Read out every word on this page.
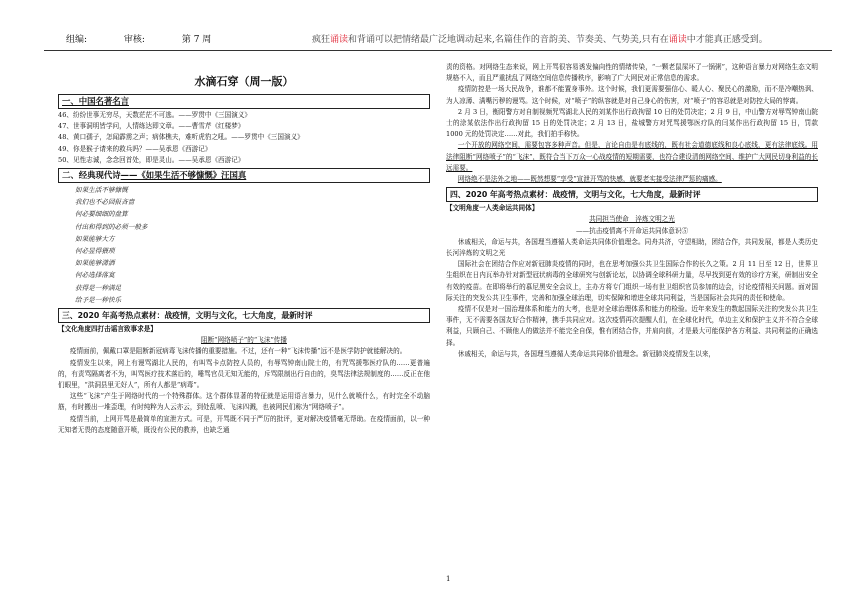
组编:	审核:	第 7 周	疯狂诵读和背诵可以把情绪最广泛地调动起来,名篇佳作的音韵美、节奏美、气势美,只有在诵读中才能真正感受到。
水滴石穿（周一版）
一、中国名著名言
46、纷纷世事无穷尽，天数茫茫不可逃。——罗贯中《三国演义》
47、世事洞明皆学问，人情练达即文章。——曹雪芹《红楼梦》
48、黄口孺子，怎闻霹雳之声；病体樵夫，难听虎豹之吼。——罗贯中《三国演义》
49、你是猴子请来的救兵吗？——吴承恩《西游记》
50、见性志诚，念念回首处，即是灵山。——吴承恩《西游记》
二、经典现代诗——《如果生活不够慷慨》汪国真
如果生活不够慷慨
我们也不必回报吝啬
何必要细细的盘算
付出和得到的必须一般多
如果能够大方
何必显得猥琐
如果能够潇洒
何必选择落寞
获得是一种满足
给予是一种快乐
三、2020 年高考热点素材：战疫情，文明与文化，七大角度，最新时评
【文化角度四打击谣言致事求是】
阻断“网络喷子”的“飞沫”传播

疫情面前，佩戴口罩是阻断新冠病毒飞沫传播的重要措施。不过，还有一种“飞沫传播”远不是医学防护就能解决的。

疫情发生以来，网上有谩骂湖北人民的，有叫骂卡点防控人员的，有辱骂钟南山院士的，有咒骂援鄂医疗队的……更普遍的，有责骂隔离者不为，叫骂医疗技术落后的，唾骂官员无知无能的，斥骂限制出行自由的，臭骂法律法规制度的……反正在他们眼里，“洪洞县里无好人”，所有人都是“病毒”。

这些“飞沫”产生于网络时代的一个特殊群体。这个群体显著的特征就是运用语言暴力，见什么就喷什么，有时完全不动脑筋，有时搬出一堆歪理，有时纯粹为人云亦云，到处乱喷、飞沫四溅，也被网民们称为“网络喷子”。

疫情当前，上网开骂是最简单的宣泄方式。可是，开骂既不同于严厉的批评，更对解决疫情毫无帮助。在疫情面前，以一种无知者无畏的态度随意开喷，既没有公民的教养，也缺乏通

责的资格。对网络生态来说，网上开骂很容易诱发偏向性的情绪传染，“一颗老鼠屎坏了一锅粥”，这种语言暴力对网络生态文明规格不入，而且严重扰乱了网络空间信息传播秩序，影响了广大网民对正常信息的需求。

疫情防控是一场大民战争，谁都不能置身事外。这个时候，我们更需要强信心、暖人心、聚民心的激励，而不是冷嘲热讽、为人凉薄、满嘴污秽的谩骂。这个时候，对“喷子”的纵容就是对自己身心的伤害，对“喷子”的容忍就是对防控大局的悖离。

2 月 3 日，衡阳警方对自制视频咒骂湖北人民的刘某作出行政拘留 10 日的处罚决定；2 月 9 日，中山警方对辱骂钟南山院士的涂某依法作出行政拘留 15 日的处罚决定；2 月 13 日，盐城警方对咒骂援鄂医疗队的闫某作出行政拘留 15 日，罚款 1000 元的处罚决定……对此，我们拍手称快。

一个开放的网络空间，需要包容多种声音。但是，言论自由是有底线的，既有社会道德底线和良心底线，更有法律底线。用法律阻断“网络喷子”的“飞沫”，既符合当下万众一心战疫情的短期需要，也符合建设清朗网络空间、维护广大网民切身利益的长远需要。

网络绝不是法外之地——既然想要“享受”宣泄开骂的快感，就要老实接受法律严惩的痛感。

四、2020 年高考热点素材：战疫情，文明与文化，七大角度，最新时评
【文明角度一人类命运共同体】
共同担当使命　淬炼文明之光
——抗击疫情离不开命运共同体意识⑤

休戚相关，命运与共，各国理当遵循人类命运共同体价值理念。同舟共济，守望相助，团结合作，共同发展，都是人类历史长河淬炼的文明之光

国际社会在团结合作应对新冠肺炎疫情的同时，也在思考加强公共卫生国际合作的长久之策。2 月 11 日至 12 日，世界卫生组织在日内瓦举办针对新型冠状病毒的全球研究与创新论坛，以协调全球科研力量，尽早找到更有效的诊疗方案，研制出安全有效的疫苗。在即将举行的慕尼黑安全会议上，主办方将专门组织一场有世卫组织官员参加的边会，讨论疫情相关问题。面对国际关注的突发公共卫生事件，完善和加强全球治理，切实保障和增进全球共同利益，当是国际社会共同的责任和使命。

疫情不仅是对一国治理体系和能力的大考，也是对全球治理体系和能力的检验。近年来发生的数起国际关注的突发公共卫生事件，无不需要各国友好合作精神，携手共同应对。这次疫情再次提醒人们，在全球化时代，单边主义和保护主义并不符合全球利益，只顾自己、不顾他人的做法并不能完全自保，惟有团结合作，并肩向前，才是最大可能保护各方利益、共同利益的正确选择。

休戚相关，命运与共，各国理当遵循人类命运共同体价值理念。新冠肺炎疫情发生以来，

1
